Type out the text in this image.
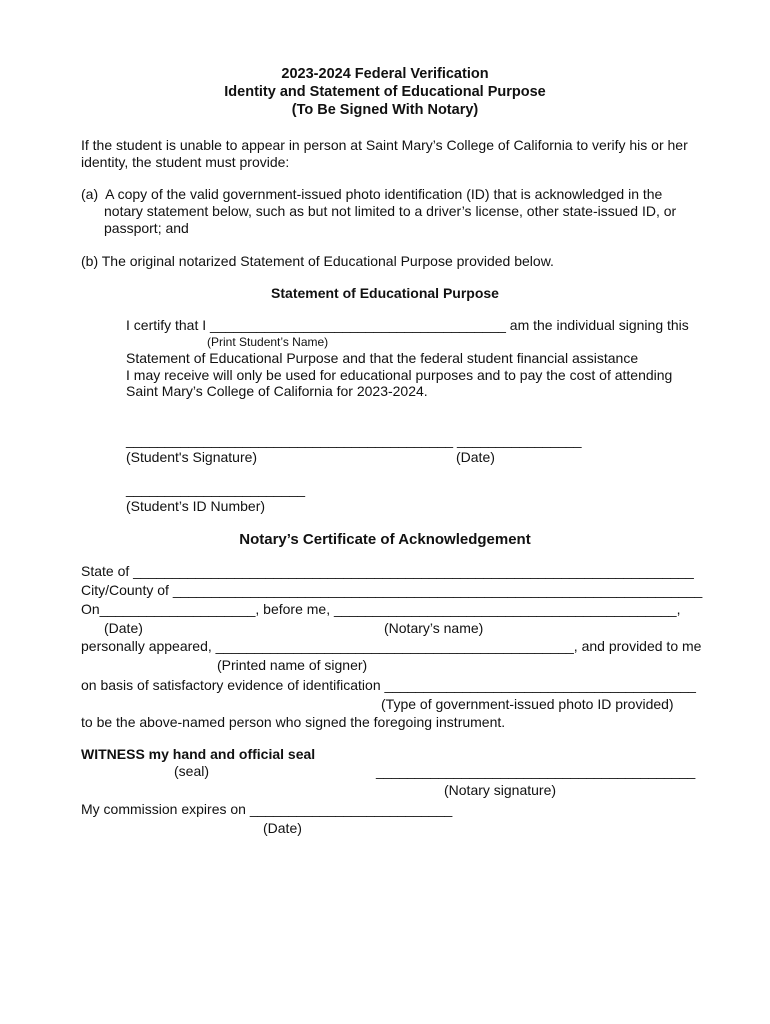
2023-2024 Federal Verification
Identity and Statement of Educational Purpose
(To Be Signed With Notary)
If the student is unable to appear in person at Saint Mary’s College of California to verify his or her
identity, the student must provide:
(a)  A copy of the valid government-issued photo identification (ID) that is acknowledged in the
notary statement below, such as but not limited to a driver’s license, other state-issued ID, or
passport; and
(b) The original notarized Statement of Educational Purpose provided below.
Statement of Educational Purpose
I certify that I ______________________________________ am the individual signing this
(Print Student’s Name)
Statement of Educational Purpose and that the federal student financial assistance
I may receive will only be used for educational purposes and to pay the cost of attending
Saint Mary’s College of California for 2023-2024.
__________________________________________ ________________
(Student's Signature)	(Date)
_______________________
(Student’s ID Number)
Notary’s Certificate of Acknowledgement
State of ________________________________________________________________________
City/County of ____________________________________________________________________
On____________________, before me, ____________________________________________,
(Date)	(Notary’s name)
personally appeared, ______________________________________________, and provided to me
(Printed name of signer)
on basis of satisfactory evidence of identification ________________________________________
(Type of government-issued photo ID provided)
to be the above-named person who signed the foregoing instrument.
WITNESS my hand and official seal
(seal)	_________________________________________
(Notary signature)
My commission expires on __________________________
(Date)
